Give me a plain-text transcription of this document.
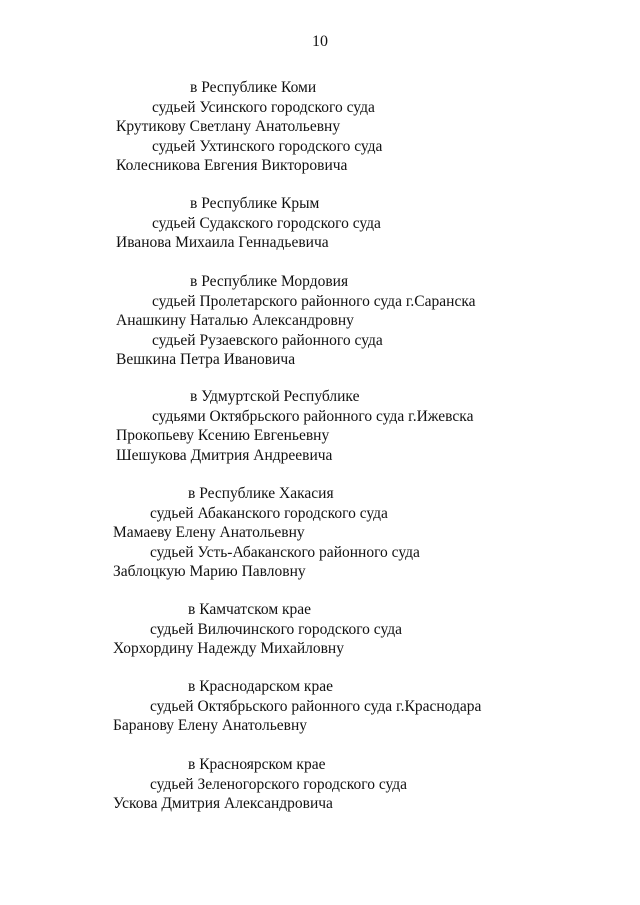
10
в Республике Коми
судьей Усинского городского суда
Крутикову Светлану Анатольевну
судьей Ухтинского городского суда
Колесникова Евгения Викторовича
в Республике Крым
судьей Судакского городского суда
Иванова Михаила Геннадьевича
в Республике Мордовия
судьей Пролетарского районного суда г.Саранска
Анашкину Наталью Александровну
судьей Рузаевского районного суда
Вешкина Петра Ивановича
в Удмуртской Республике
судьями Октябрьского районного суда г.Ижевска
Прокопьеву Ксению Евгеньевну
Шешукова Дмитрия Андреевича
в Республике Хакасия
судьей Абаканского городского суда
Мамаеву Елену Анатольевну
судьей Усть-Абаканского районного суда
Заблоцкую Марию Павловну
в Камчатском крае
судьей Вилючинского городского суда
Хорхордину Надежду Михайловну
в Краснодарском крае
судьей Октябрьского районного суда г.Краснодара
Баранову Елену Анатольевну
в Красноярском крае
судьей Зеленогорского городского суда
Ускова Дмитрия Александровича
